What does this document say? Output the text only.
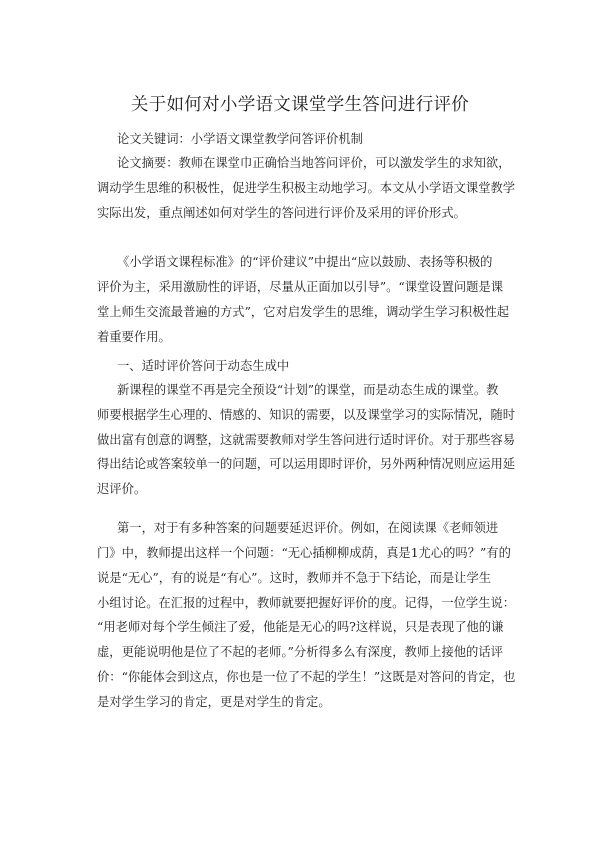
关于如何对小学语文课堂学生答问进行评价

论文关键词：小学语文课堂教学问答评价机制

论文摘要：教师在课堂巾正确恰当地答问评价，可以激发学生的求知欲，

调动学生思维的积极性，促进学生积极主动地学习。本文从小学语文课堂教学

实际出发，重点阐述如何对学生的答问进行评价及采用的评价形式。

《小学语文课程标准》的“评价建议”中提出“应以鼓励、表扬等积极的

评价为主，采用激励性的评语，尽量从正面加以引导”。“课堂设置问题是课

堂上师生交流最普遍的方式”，它对启发学生的思维，调动学生学习积极性起

着重要作用。

一、适时评价答问于动态生成中

新课程的课堂不再是完全预设“计划”的课堂，而是动态生成的课堂。教

师要根据学生心理的、情感的、知识的需要，以及课堂学习的实际情况，随时

做出富有创意的调整，这就需要教师对学生答问进行适时评价。对于那些容易

得出结论或答案较单一的问题，可以运用即时评价，另外两种情况则应运用延

迟评价。

第一，对于有多种答案的问题要延迟评价。例如，在阅读课《老师领进

门》中，教师提出这样一个问题：“无心插柳柳成荫，真是1尤心的吗？”有的

说是“无心”，有的说是“有心”。这时，教师并不急于下结论，而是让学生

小组讨论。在汇报的过程中，教师就要把握好评价的度。记得，一位学生说：

“用老师对每个学生倾注了爱，他能是无心的吗?这样说，只是表现了他的谦

虚，更能说明他是位了不起的老师。”分析得多么有深度，教师上接他的话评

价：“你能体会到这点，你也是一位了不起的学生！”这既是对答问的肯定，也

是对学生学习的肯定，更是对学生的肯定。
